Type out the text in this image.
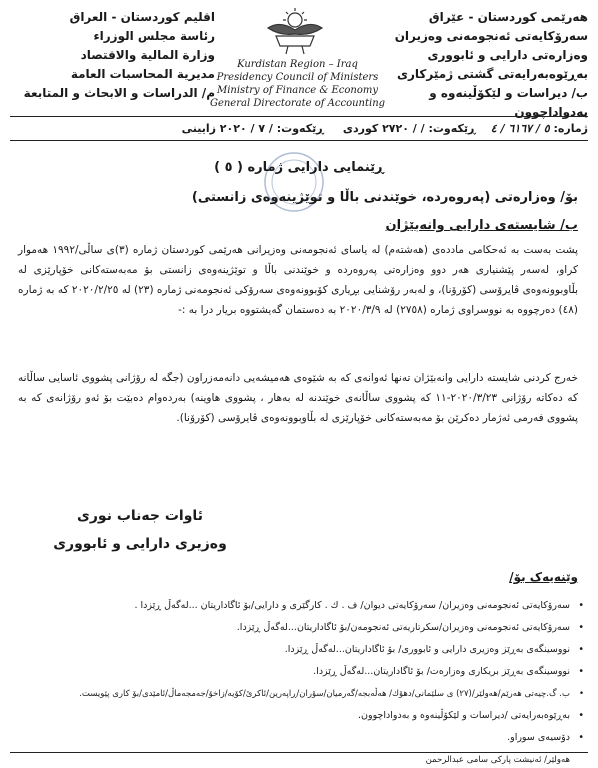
اقليم كوردستان - العراق
رئاسة مجلس الوزراء
وزارة المالية والاقتصاد
مديرية المحاسبات العامة
م/ الدراسات و الابحاث و المتابعة
Kurdistan Region – Iraq
Presidency Council of Ministers
Ministry of Finance & Economy
General Directorate of Accounting
هەرێمی کوردستان - عێراق
سەرۆکایەتی ئەنجومەنی وەزیران
وەزارەتی دارایی و ئابووری
بەڕێوەبەرایەتی گشتی ژمێرکاری
ب/ دیراسات و لێکۆڵینەوە و بەدواداچوون
ژمارە: ٥ / ٦١٦٧ / ٤    ڕێکەوت: / / ٢٧٢٠ کوردی     ڕێکەوت: / ٧ / ٢٠٢٠ زایینی
ڕێنمایی دارایی ژمارە ( ٥ )
بۆ/ وەزارەتی (پەروەردە، خوێندنی باڵا و توێژینەوەی زانستی)
ب/ شایستەی دارایی وانەبێژان
پشت بەست بە ئەحکامی ماددەی (هەشتەم) لە یاسای ئەنجومەنی وەزیرانی هەرێمی کوردستان ژمارە (٣)ی ساڵی/١٩٩٢ هەموار کراو، لەسەر پێشنیاری هەر دوو وەزارەتی پەروەردە و خوێندنی باڵا و توێژینەوەی زانستی بۆ مەبەستەکانی خۆپارێزی لە بڵاوبوونەوەی ڤایرۆسی (کۆرۆنا)، و لەبەر رۆشنایی بڕیاری کۆبوونەوەی سەرۆکی ئەنجومەنی ژمارە (٢٣) لە ٢٠٢٠/٢/٢٥ کە بە ژمارە (٤٨) دەرچووە بە نووسراوی ژمارە (٢٧٥٨) لە ٢٠٢٠/٣/٩ بە دەستمان گەیشتووە بریار درا بە :-
خەرج کردنی شایستە دارایی وانەبێژان تەنها ئەوانەی کە بە شێوەی هەمیشەیی دانەمەزراون (جگە لە رۆژانی پشووی ئاسایی ساڵانە کە دەکاتە رۆژانی ٢٠٢٠/٣/٢٣-١١ کە پشووی ساڵانەی خوێندنە لە بەهار ، پشووی هاوینە) بەردەوام دەبێت بۆ ئەو رۆژانەی کە بە پشووی فەرمی ئەژمار دەکرێن بۆ مەبەستەکانی خۆپارێزی لە بڵاوبوونەوەی ڤایرۆسی (کۆرۆنا).
ئاوات جەناب نوری
وەزیری دارایی و ئابووری
وێنەیەک بۆ/
• سەرۆکایەتی ئەنجومەنی وەزیران/ سەرۆکایەتی دیوان/ ف . ك . كارگێری و دارایی/بۆ ئاگاداریتان ...لەگەڵ ڕێزدا .
• سەرۆکایەتی ئەنجومەنی وەزیران/سکرتاریەتی ئەنجومەن/بۆ ئاگاداریتان...لەگەڵ ڕێزدا.
• نووسینگەی بەڕێز وەزیری دارایی و ئابووری/ بۆ ئاگاداریتان...لەگەڵ ڕێزدا.
• نووسینگەی بەڕێز بریکاری وەزارەت/ بۆ ئاگاداریتان...لەگەڵ ڕێزدا.
• ب. گ.چیەتی هەرێم/هەولێر/(٢٧) ی سلێمانی/دهۆك/ هەڵەبجە/گەرمیان/سۆران/ڕاپەرین/ئاکرێ/کۆیە/زاخۆ/جەمجەماڵ/ئامێدی/بۆ کاری پێویست.
• بەڕێوەبەرایەتی /دیراسات و لێکۆڵینەوە و بەدواداچوون.
• دۆسیەی سوراو.
هەولێر/ ئەنیشت پارکی سامی عبدالرحمن
